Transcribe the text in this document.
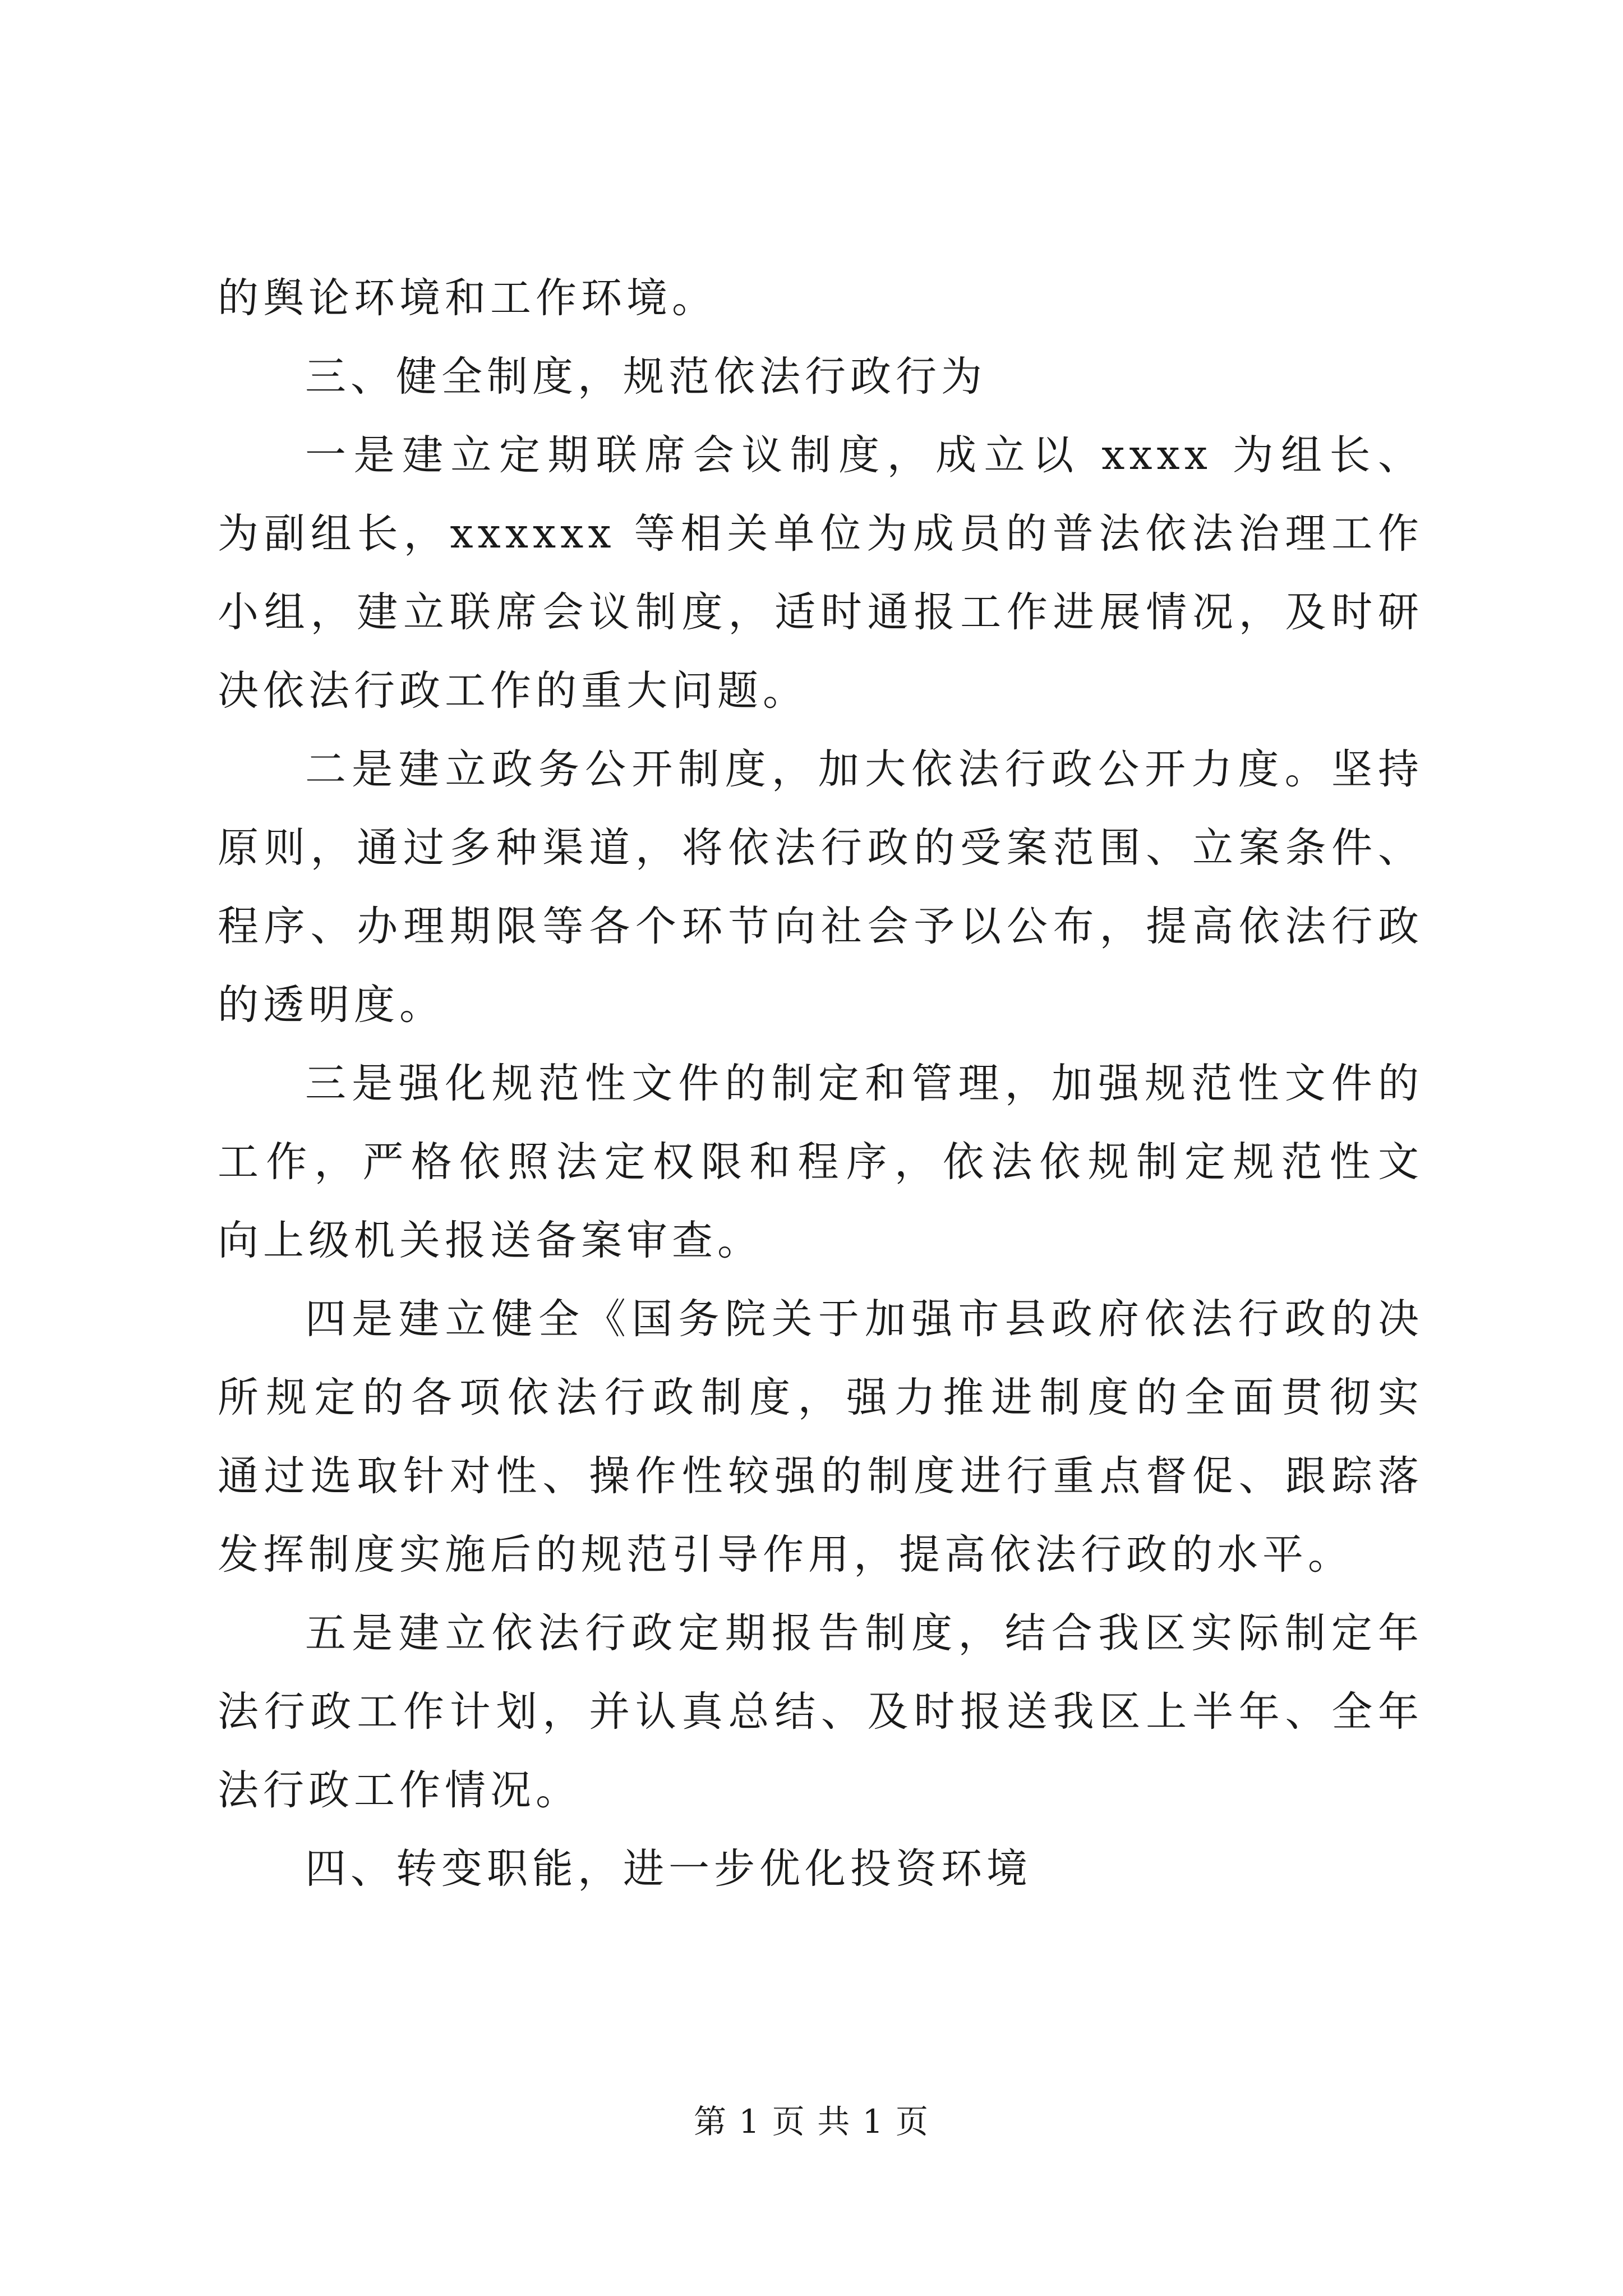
的舆论环境和工作环境。
三、健全制度，规范依法行政行为
一是建立定期联席会议制度，成立以 xxxx 为组长、
为副组长，xxxxxx 等相关单位为成员的普法依法治理工作
小组，建立联席会议制度，适时通报工作进展情况，及时研
决依法行政工作的重大问题。
二是建立政务公开制度，加大依法行政公开力度。坚持
原则，通过多种渠道，将依法行政的受案范围、立案条件、
程序、办理期限等各个环节向社会予以公布，提高依法行政
的透明度。
三是强化规范性文件的制定和管理，加强规范性文件的
工作，严格依照法定权限和程序，依法依规制定规范性文
向上级机关报送备案审查。
四是建立健全《国务院关于加强市县政府依法行政的决
所规定的各项依法行政制度，强力推进制度的全面贯彻实
通过选取针对性、操作性较强的制度进行重点督促、跟踪落
发挥制度实施后的规范引导作用，提高依法行政的水平。
五是建立依法行政定期报告制度，结合我区实际制定年
法行政工作计划，并认真总结、及时报送我区上半年、全年
法行政工作情况。
四、转变职能，进一步优化投资环境
第 1 页 共 1 页
